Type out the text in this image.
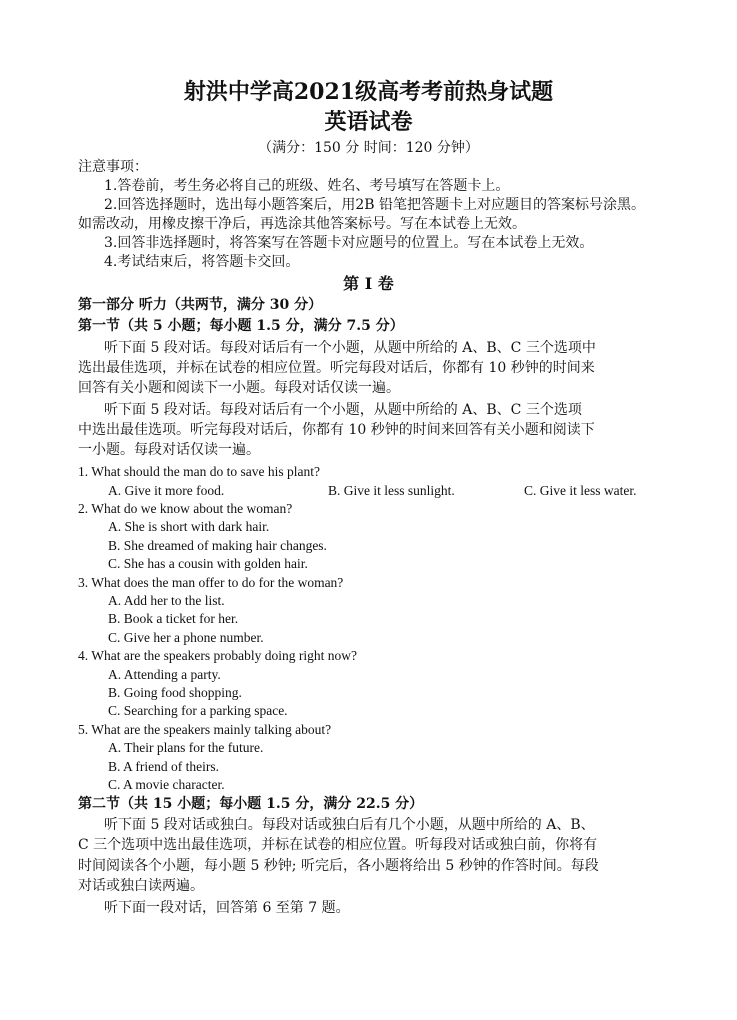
射洪中学高2021级高考考前热身试题
英语试卷
（满分：150 分 时间：120 分钟）
注意事项：
1.答卷前，考生务必将自己的班级、姓名、考号填写在答题卡上。
2.回答选择题时，选出每小题答案后，用2B 铅笔把答题卡上对应题目的答案标号涂黑。
如需改动，用橡皮擦干净后，再选涂其他答案标号。写在本试卷上无效。
3.回答非选择题时，将答案写在答题卡对应题号的位置上。写在本试卷上无效。
4.考试结束后，将答题卡交回。
第 I 卷
第一部分 听力（共两节，满分 30 分）
第一节（共 5 小题；每小题 1.5 分，满分 7.5 分）
听下面 5 段对话。每段对话后有一个小题，从题中所给的 A、B、C 三个选项中
选出最佳选项，并标在试卷的相应位置。听完每段对话后，你都有 10 秒钟的时间来
回答有关小题和阅读下一小题。每段对话仅读一遍。
听下面 5 段对话。每段对话后有一个小题，从题中所给的 A、B、C 三个选项
中选出最佳选项。听完每段对话后，你都有 10 秒钟的时间来回答有关小题和阅读下
一小题。每段对话仅读一遍。
1. What should the man do to save his plant?
A. Give it more food.	B. Give it less sunlight.	C. Give it less water.
2. What do we know about the woman?
A. She is short with dark hair.
B. She dreamed of making hair changes.
C. She has a cousin with golden hair.
3. What does the man offer to do for the woman?
A. Add her to the list.
B. Book a ticket for her.
C. Give her a phone number.
4. What are the speakers probably doing right now?
A. Attending a party.
B. Going food shopping.
C. Searching for a parking space.
5. What are the speakers mainly talking about?
A. Their plans for the future.
B. A friend of theirs.
C. A movie character.
第二节（共 15 小题；每小题 1.5 分，满分 22.5 分）
听下面 5 段对话或独白。每段对话或独白后有几个小题，从题中所给的 A、B、
C 三个选项中选出最佳选项，并标在试卷的相应位置。听每段对话或独白前，你将有
时间阅读各个小题，每小题 5 秒钟; 听完后，各小题将给出 5 秒钟的作答时间。每段
对话或独白读两遍。
听下面一段对话，回答第 6 至第 7 题。
